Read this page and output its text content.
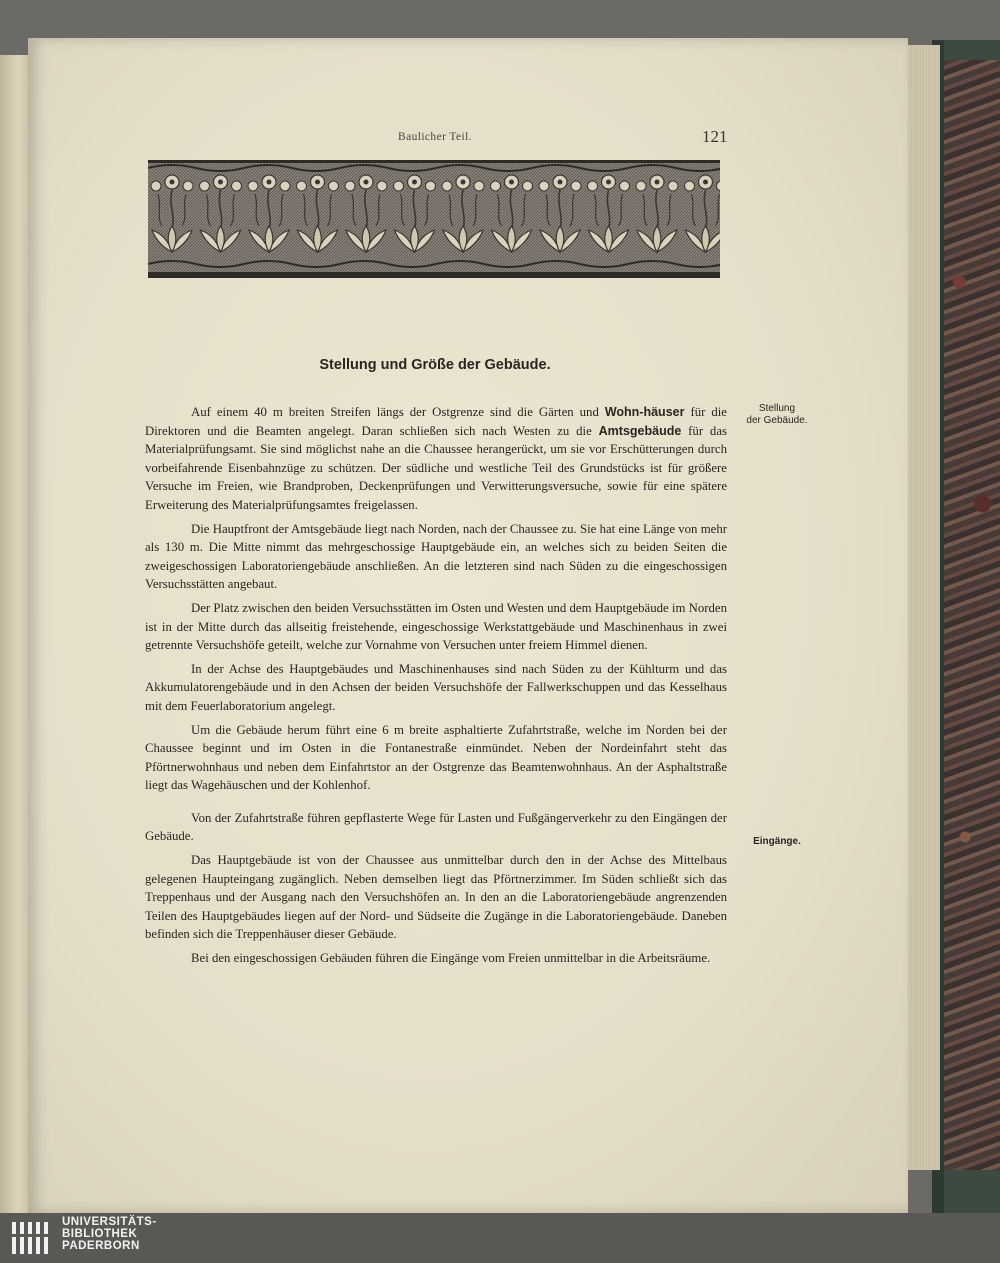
Baulicher Teil.	121
Stellung und Größe der Gebäude.

Auf einem 40 m breiten Streifen längs der Ostgrenze sind die Gärten und Wohn-häuser für die Direktoren und die Beamten angelegt. Daran schließen sich nach Westen zu die Amtsgebäude für das Materialprüfungsamt. Sie sind möglichst nahe an die Chaussee herangerückt, um sie vor Erschütterungen durch vorbeifahrende Eisenbahnzüge zu schützen. Der südliche und westliche Teil des Grundstücks ist für größere Versuche im Freien, wie Brandproben, Deckenprüfungen und Verwitterungsversuche, sowie für eine spätere Erweiterung des Materialprüfungsamtes freigelassen.

Die Hauptfront der Amtsgebäude liegt nach Norden, nach der Chaussee zu. Sie hat eine Länge von mehr als 130 m. Die Mitte nimmt das mehrgeschossige Hauptgebäude ein, an welches sich zu beiden Seiten die zweigeschossigen Laboratoriengebäude anschließen. An die letzteren sind nach Süden zu die eingeschossigen Versuchsstätten angebaut.

Der Platz zwischen den beiden Versuchsstätten im Osten und Westen und dem Hauptgebäude im Norden ist in der Mitte durch das allseitig freistehende, eingeschossige Werkstattgebäude und Maschinenhaus in zwei getrennte Versuchshöfe geteilt, welche zur Vornahme von Versuchen unter freiem Himmel dienen.

In der Achse des Hauptgebäudes und Maschinenhauses sind nach Süden zu der Kühlturm und das Akkumulatorengebäude und in den Achsen der beiden Versuchshöfe der Fallwerkschuppen und das Kesselhaus mit dem Feuerlaboratorium angelegt.

Um die Gebäude herum führt eine 6 m breite asphaltierte Zufahrtstraße, welche im Norden bei der Chaussee beginnt und im Osten in die Fontanestraße einmündet. Neben der Nordeinfahrt steht das Pförtnerwohnhaus und neben dem Einfahrtstor an der Ostgrenze das Beamtenwohnhaus. An der Asphaltstraße liegt das Wagehäuschen und der Kohlenhof.

Von der Zufahrtstraße führen gepflasterte Wege für Lasten und Fußgängerverkehr zu den Eingängen der Gebäude.

Das Hauptgebäude ist von der Chaussee aus unmittelbar durch den in der Achse des Mittelbaus gelegenen Haupteingang zugänglich. Neben demselben liegt das Pförtnerzimmer. Im Süden schließt sich das Treppenhaus und der Ausgang nach den Versuchshöfen an. In den an die Laboratoriengebäude angrenzenden Teilen des Hauptgebäudes liegen auf der Nord- und Südseite die Zugänge in die Laboratoriengebäude. Daneben befinden sich die Treppenhäuser dieser Gebäude.

Bei den eingeschossigen Gebäuden führen die Eingänge vom Freien unmittelbar in die Arbeitsräume.

Stellung
der Gebäude.
Eingänge.
UNIVERSITÄTS-
BIBLIOTHEK
PADERBORN
